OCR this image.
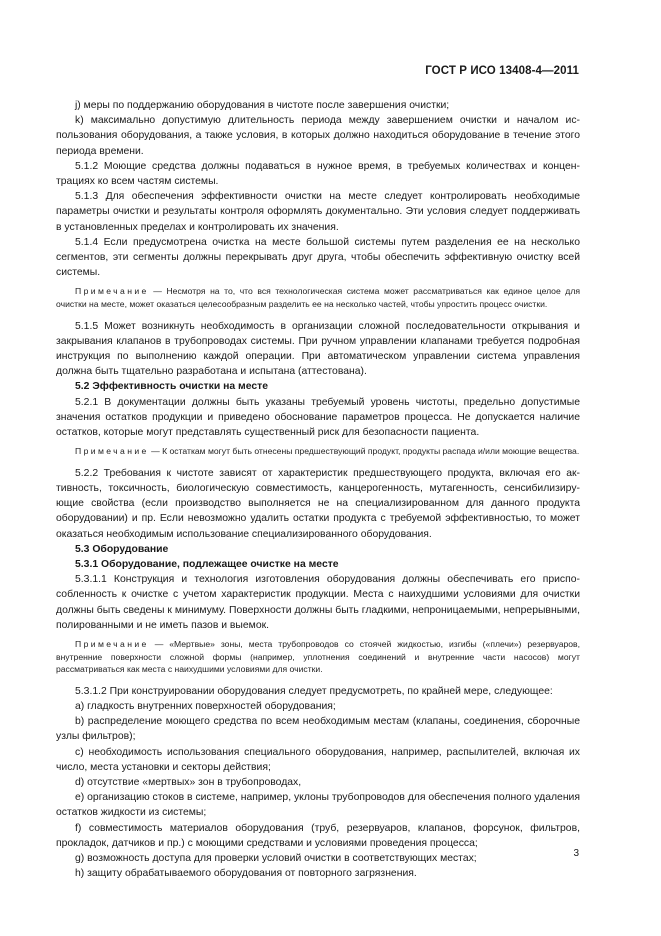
ГОСТ Р ИСО 13408-4—2011

j) меры по поддержанию оборудования в чистоте после завершения очистки;

k) максимально допустимую длительность периода между завершением очистки и началом использования оборудования, а также условия, в которых должно находиться оборудование в течение этого периода времени.

5.1.2 Моющие средства должны подаваться в нужное время, в требуемых количествах и концентрациях ко всем частям системы.

5.1.3 Для обеспечения эффективности очистки на месте следует контролировать необходимые параметры очистки и результаты контроля оформлять документально. Эти условия следует поддерживать в установленных пределах и контролировать их значения.

5.1.4 Если предусмотрена очистка на месте большой системы путем разделения ее на несколько сегментов, эти сегменты должны перекрывать друг друга, чтобы обеспечить эффективную очистку всей системы.

Примечание — Несмотря на то, что вся технологическая система может рассматриваться как единое целое для очистки на месте, может оказаться целесообразным разделить ее на несколько частей, чтобы упростить процесс очистки.

5.1.5 Может возникнуть необходимость в организации сложной последовательности открывания и закрывания клапанов в трубопроводах системы. При ручном управлении клапанами требуется подробная инструкция по выполнению каждой операции. При автоматическом управлении система управления должна быть тщательно разработана и испытана (аттестована).

5.2 Эффективность очистки на месте

5.2.1 В документации должны быть указаны требуемый уровень чистоты, предельно допустимые значения остатков продукции и приведено обоснование параметров процесса. Не допускается наличие остатков, которые могут представлять существенный риск для безопасности пациента.

Примечание — К остаткам могут быть отнесены предшествующий продукт, продукты распада и/или моющие вещества.

5.2.2 Требования к чистоте зависят от характеристик предшествующего продукта, включая его активность, токсичность, биологическую совместимость, канцерогенность, мутагенность, сенсибилизирующие свойства (если производство выполняется не на специализированном для данного продукта оборудовании) и пр. Если невозможно удалить остатки продукта с требуемой эффективностью, то может оказаться необходимым использование специализированного оборудования.

5.3 Оборудование

5.3.1 Оборудование, подлежащее очистке на месте

5.3.1.1 Конструкция и технология изготовления оборудования должны обеспечивать его приспособленность к очистке с учетом характеристик продукции. Места с наихудшими условиями для очистки должны быть сведены к минимуму. Поверхности должны быть гладкими, непроницаемыми, непрерывными, полированными и не иметь пазов и выемок.

Примечание — «Мертвые» зоны, места трубопроводов со стоячей жидкостью, изгибы («плечи») резервуаров, внутренние поверхности сложной формы (например, уплотнения соединений и внутренние части насосов) могут рассматриваться как места с наихудшими условиями для очистки.

5.3.1.2 При конструировании оборудования следует предусмотреть, по крайней мере, следующее:

a) гладкость внутренних поверхностей оборудования;

b) распределение моющего средства по всем необходимым местам (клапаны, соединения, сборочные узлы фильтров);

c) необходимость использования специального оборудования, например, распылителей, включая их число, места установки и секторы действия;

d) отсутствие «мертвых» зон в трубопроводах,

e) организацию стоков в системе, например, уклоны трубопроводов для обеспечения полного удаления остатков жидкости из системы;

f) совместимость материалов оборудования (труб, резервуаров, клапанов, форсунок, фильтров, прокладок, датчиков и пр.) с моющими средствами и условиями проведения процесса;

g) возможность доступа для проверки условий очистки в соответствующих местах;

h) защиту обрабатываемого оборудования от повторного загрязнения.

3
